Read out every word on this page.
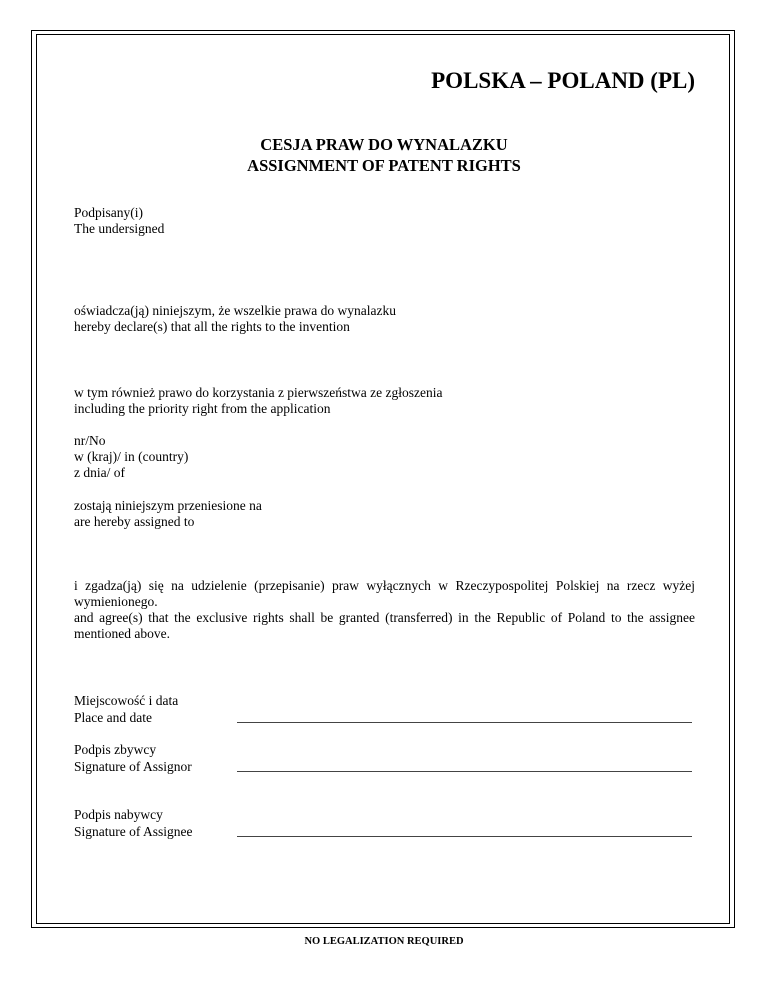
POLSKA – POLAND (PL)
CESJA PRAW DO WYNALAZKU
ASSIGNMENT OF PATENT RIGHTS
Podpisany(i)
The undersigned
oświadcza(ją) niniejszym, że wszelkie prawa do wynalazku
hereby declare(s) that all the rights to the invention
w tym również prawo do korzystania z pierwszeństwa ze zgłoszenia
including the priority right from the application
nr/No
w (kraj)/ in (country)
z dnia/ of
zostają niniejszym przeniesione na
are hereby assigned to

i zgadza(ją) się na udzielenie (przepisanie) praw wyłącznych w Rzeczypospolitej Polskiej na rzecz wyżej wymienionego.

and agree(s) that the exclusive rights shall be granted (transferred) in the Republic of Poland to the assignee mentioned above.

Miejscowość i data
Place and date
Podpis zbywcy
Signature of Assignor
Podpis nabywcy
Signature of Assignee
NO LEGALIZATION REQUIRED
